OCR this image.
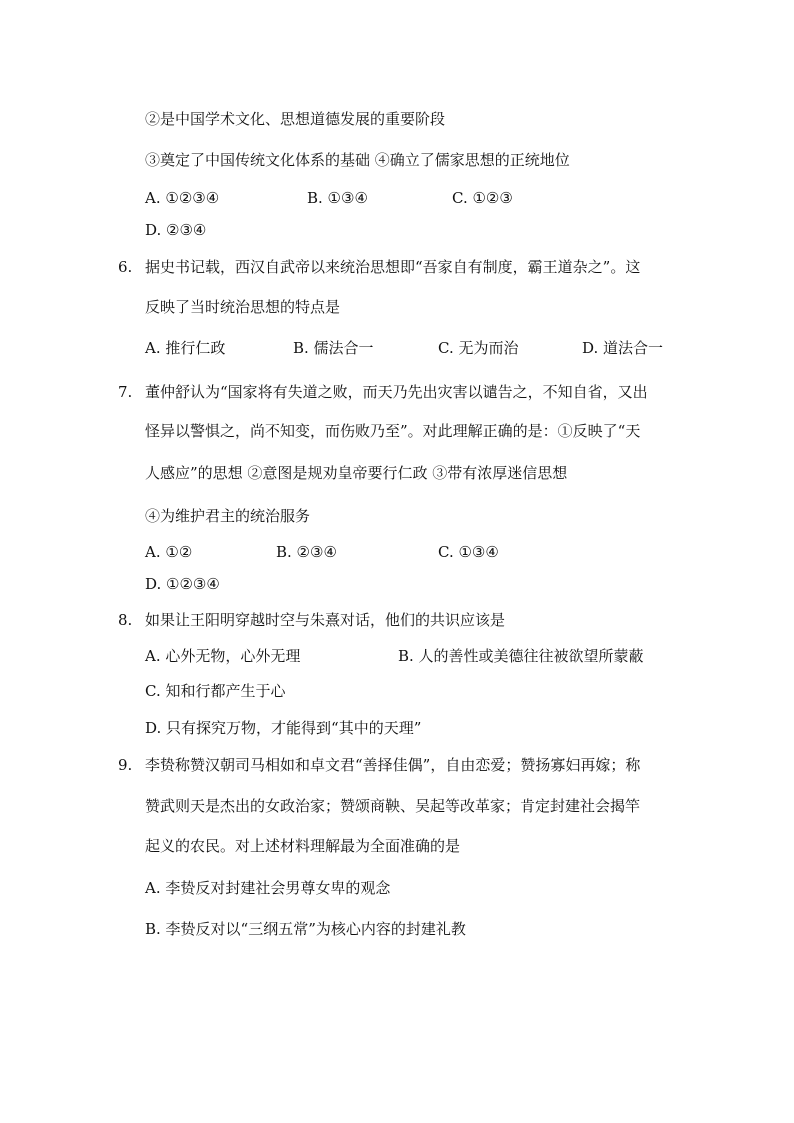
②是中国学术文化、思想道德发展的重要阶段
③奠定了中国传统文化体系的基础 ④确立了儒家思想的正统地位
A. ①②③④	B. ①③④	C. ①②③
D. ②③④
6. 据史书记载，西汉自武帝以来统治思想即“吾家自有制度，霸王道杂之”。这
反映了当时统治思想的特点是
A. 推行仁政	B. 儒法合一	C. 无为而治	D. 道法合一
7. 董仲舒认为“国家将有失道之败，而天乃先出灾害以谴告之，不知自省，又出
怪异以警惧之，尚不知变，而伤败乃至”。对此理解正确的是：①反映了“天
人感应”的思想 ②意图是规劝皇帝要行仁政 ③带有浓厚迷信思想
④为维护君主的统治服务
A. ①②	B. ②③④	C. ①③④
D. ①②③④
8. 如果让王阳明穿越时空与朱熹对话，他们的共识应该是
A. 心外无物，心外无理	B. 人的善性或美德往往被欲望所蒙蔽
C. 知和行都产生于心
D. 只有探究万物，才能得到“其中的天理”
9. 李贽称赞汉朝司马相如和卓文君“善择佳偶”，自由恋爱；赞扬寡妇再嫁；称
赞武则天是杰出的女政治家；赞颂商鞅、吴起等改革家；肯定封建社会揭竿
起义的农民。对上述材料理解最为全面准确的是
A. 李贽反对封建社会男尊女卑的观念
B. 李贽反对以“三纲五常”为核心内容的封建礼教
